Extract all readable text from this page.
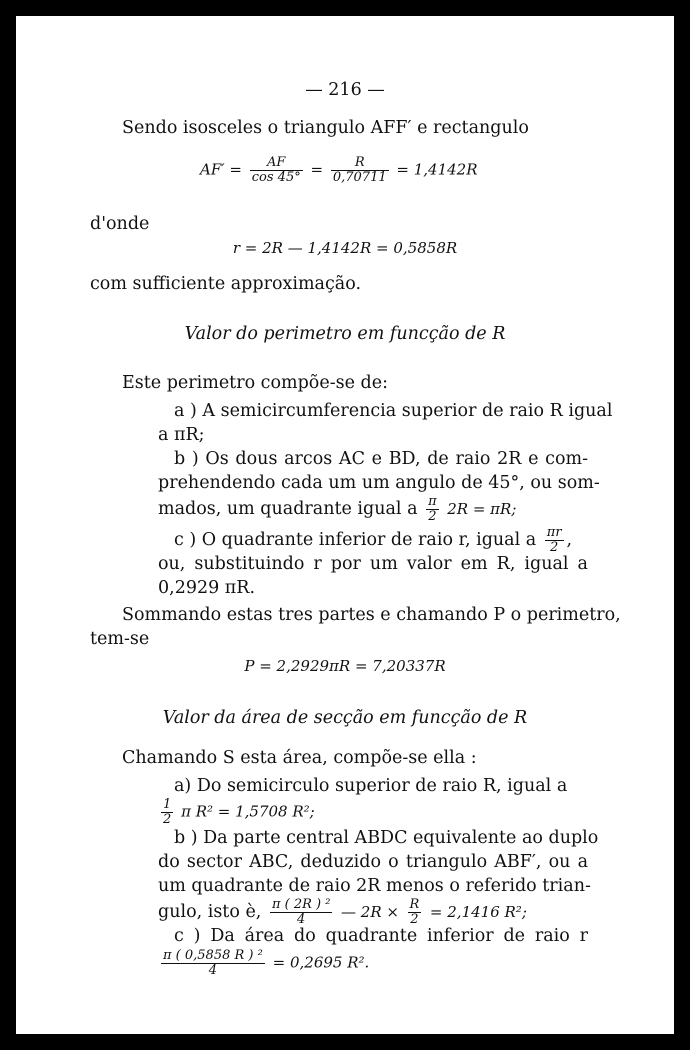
— 216 —
Sendo isosceles o triangulo AFF′ e rectangulo
$AF' = \frac{AF}{\cos 45^\circ} = \frac{R}{0,70711} = 1,4142R$
d'onde
r = 2R — 1,4142R = 0,5858R
com sufficiente approximação.
Valor do perimetro em funcção de R
Este perimetro compõe-se de:
a ) A semicircumferencia superior de raio R igual
a πR;
b ) Os dous arcos AC e BD, de raio 2R e com-
prehendendo cada um um angulo de 45°, ou som-
mados, um quadrante igual a $\frac{\pi}{2} 2R = \pi R$;
c ) O quadrante inferior de raio r, igual a $\frac{\pi r}{2}$ ,
ou, substituindo r por um valor em R, igual a
0,2929 πR.
Sommando estas tres partes e chamando P o perimetro,
tem-se
P = 2,2929πR = 7,20337R
Valor da área de secção em funcção de R
Chamando S esta área, compõe-se ella :
a) Do semicirculo superior de raio R, igual a
$\frac{1}{2}$ π R² = 1,5708 R²;
b ) Da parte central ABDC equivalente ao duplo
do sector ABC, deduzido o triangulo ABF′, ou a
um quadrante de raio 2R menos o referido trian-
gulo, isto è, $\frac{\text{π ( 2R ) ²}}{4}$ — $2R \times \frac{R}{2} = 2,1416$ R²;
c ) Da área do quadrante inferior de raio r
$\frac{\text{π ( 0,5858 R ) ²}}{4} = 0,2695$ R².
